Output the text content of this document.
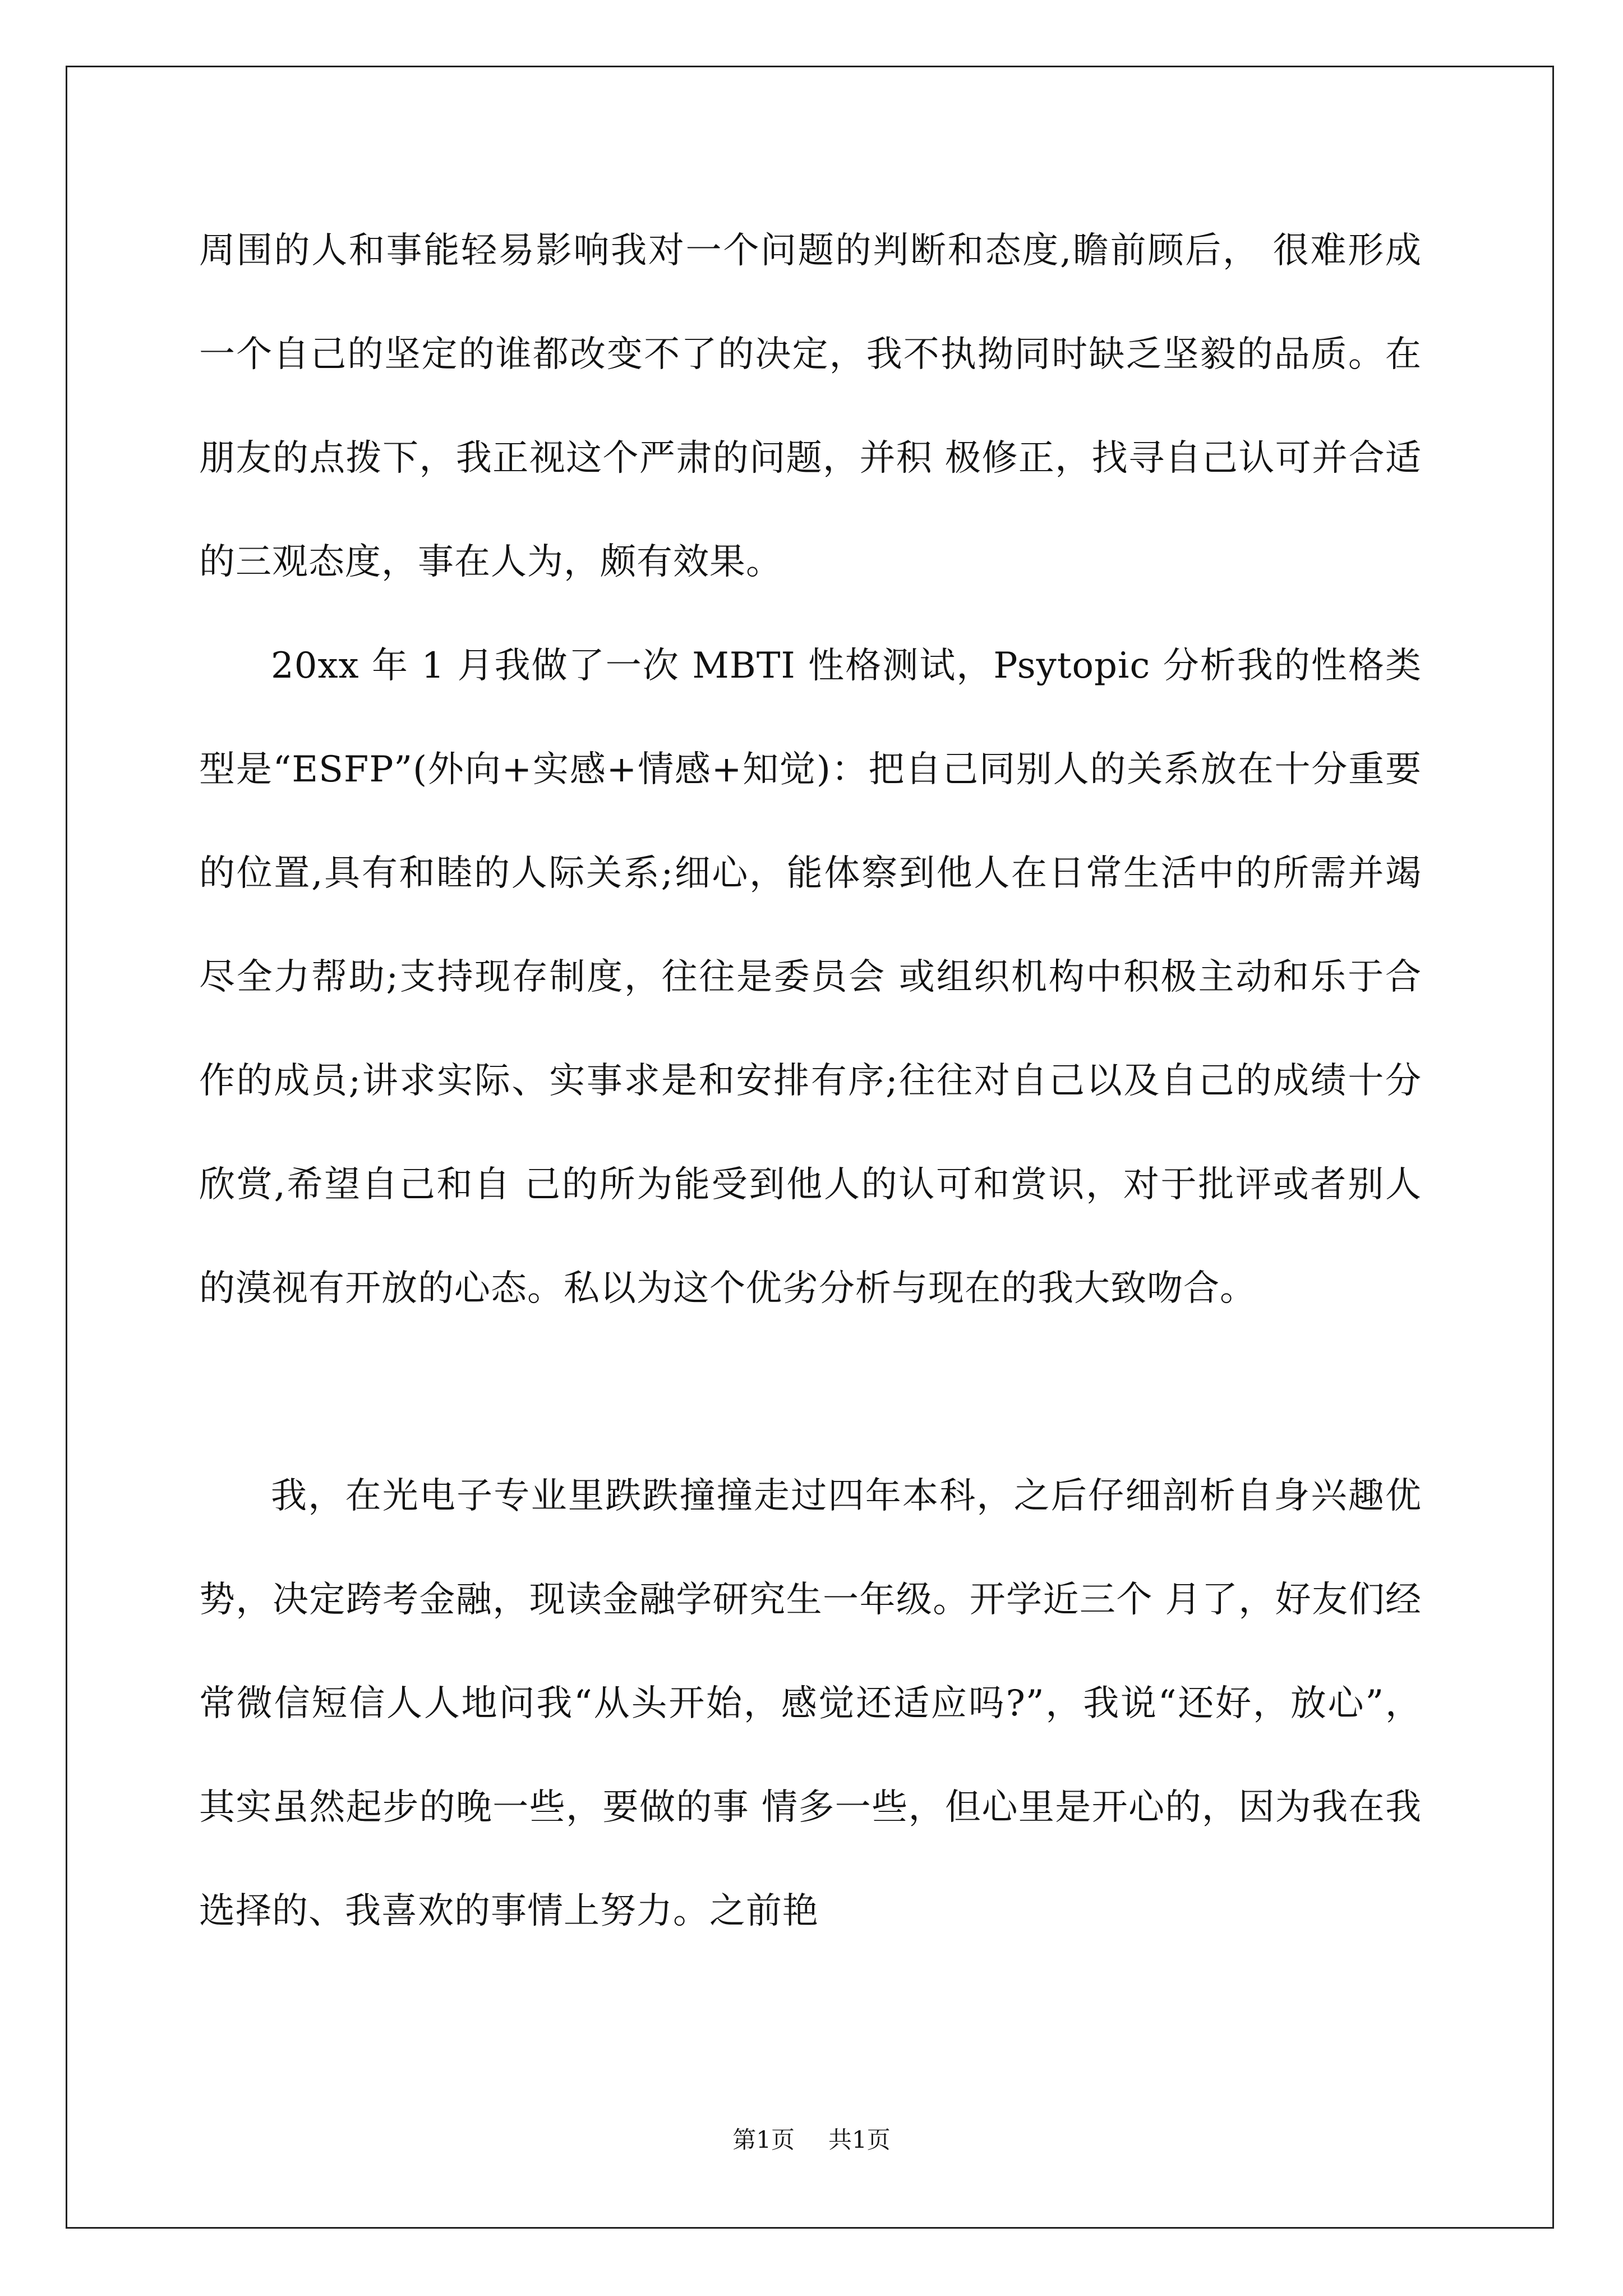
周围的人和事能轻易影响我对一个问题的判断和态度,瞻前顾后， 很难形成一个自己的坚定的谁都改变不了的决定，我不执拗同时缺乏坚毅的品质。在朋友的点拨下，我正视这个严肃的问题，并积 极修正，找寻自己认可并合适的三观态度，事在人为，颇有效果。

20xx 年 1 月我做了一次 MBTI 性格测试，Psytopic 分析我的性格类型是“ESFP”(外向+实感+情感+知觉)：把自己同别人的关系放在十分重要的位置,具有和睦的人际关系;细心，能体察到他人在日常生活中的所需并竭尽全力帮助;支持现存制度，往往是委员会 或组织机构中积极主动和乐于合作的成员;讲求实际、实事求是和安排有序;往往对自己以及自己的成绩十分欣赏,希望自己和自 己的所为能受到他人的认可和赏识，对于批评或者别人的漠视有开放的心态。私以为这个优劣分析与现在的我大致吻合。

我，在光电子专业里跌跌撞撞走过四年本科，之后仔细剖析自身兴趣优势，决定跨考金融，现读金融学研究生一年级。开学近三个 月了，好友们经常微信短信人人地问我“从头开始，感觉还适应吗?”，我说“还好，放心”，其实虽然起步的晚一些，要做的事 情多一些，但心里是开心的，因为我在我选择的、我喜欢的事情上努力。之前艳

第1页 共1页
